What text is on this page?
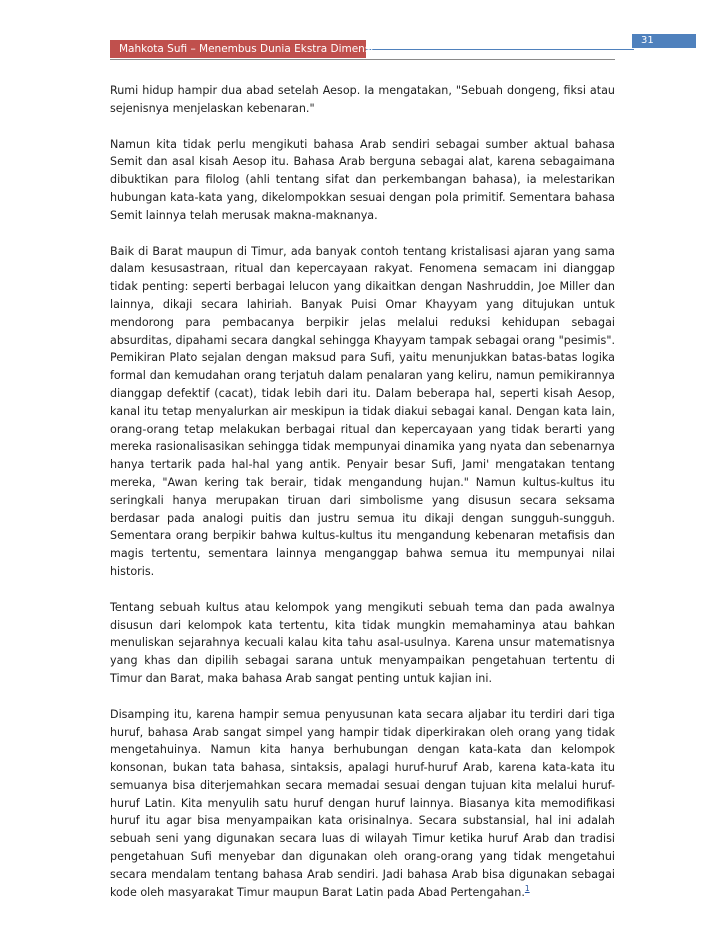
31
Mahkota Sufi – Menembus Dunia Ekstra Dimensi

Rumi hidup hampir dua abad setelah Aesop. Ia mengatakan, "Sebuah dongeng, fiksi atau sejenisnya menjelaskan kebenaran."

Namun kita tidak perlu mengikuti bahasa Arab sendiri sebagai sumber aktual bahasa Semit dan asal kisah Aesop itu. Bahasa Arab berguna sebagai alat, karena sebagaimana dibuktikan para filolog (ahli tentang sifat dan perkembangan bahasa), ia melestarikan hubungan kata-kata yang, dikelompokkan sesuai dengan pola primitif. Sementara bahasa Semit lainnya telah merusak makna-maknanya.

Baik di Barat maupun di Timur, ada banyak contoh tentang kristalisasi ajaran yang sama dalam kesusastraan, ritual dan kepercayaan rakyat. Fenomena semacam ini dianggap tidak penting: seperti berbagai lelucon yang dikaitkan dengan Nashruddin, Joe Miller dan lainnya, dikaji secara lahiriah. Banyak Puisi Omar Khayyam yang ditujukan untuk mendorong para pembacanya berpikir jelas melalui reduksi kehidupan sebagai absurditas, dipahami secara dangkal sehingga Khayyam tampak sebagai orang "pesimis". Pemikiran Plato sejalan dengan maksud para Sufi, yaitu menunjukkan batas-batas logika formal dan kemudahan orang terjatuh dalam penalaran yang keliru, namun pemikirannya dianggap defektif (cacat), tidak lebih dari itu. Dalam beberapa hal, seperti kisah Aesop, kanal itu tetap menyalurkan air meskipun ia tidak diakui sebagai kanal. Dengan kata lain, orang-orang tetap melakukan berbagai ritual dan kepercayaan yang tidak berarti yang mereka rasionalisasikan sehingga tidak mempunyai dinamika yang nyata dan sebenarnya hanya tertarik pada hal-hal yang antik. Penyair besar Sufi, Jami' mengatakan tentang mereka, "Awan kering tak berair, tidak mengandung hujan." Namun kultus-kultus itu seringkali hanya merupakan tiruan dari simbolisme yang disusun secara seksama berdasar pada analogi puitis dan justru semua itu dikaji dengan sungguh-sungguh. Sementara orang berpikir bahwa kultus-kultus itu mengandung kebenaran metafisis dan magis tertentu, sementara lainnya menganggap bahwa semua itu mempunyai nilai historis.

Tentang sebuah kultus atau kelompok yang mengikuti sebuah tema dan pada awalnya disusun dari kelompok kata tertentu, kita tidak mungkin memahaminya atau bahkan menuliskan sejarahnya kecuali kalau kita tahu asal-usulnya. Karena unsur matematisnya yang khas dan dipilih sebagai sarana untuk menyampaikan pengetahuan tertentu di Timur dan Barat, maka bahasa Arab sangat penting untuk kajian ini.

Disamping itu, karena hampir semua penyusunan kata secara aljabar itu terdiri dari tiga huruf, bahasa Arab sangat simpel yang hampir tidak diperkirakan oleh orang yang tidak mengetahuinya. Namun kita hanya berhubungan dengan kata-kata dan kelompok konsonan, bukan tata bahasa, sintaksis, apalagi huruf-huruf Arab, karena kata-kata itu semuanya bisa diterjemahkan secara memadai sesuai dengan tujuan kita melalui huruf-huruf Latin. Kita menyulih satu huruf dengan huruf lainnya. Biasanya kita memodifikasi huruf itu agar bisa menyampaikan kata orisinalnya. Secara substansial, hal ini adalah sebuah seni yang digunakan secara luas di wilayah Timur ketika huruf Arab dan tradisi pengetahuan Sufi menyebar dan digunakan oleh orang-orang yang tidak mengetahui secara mendalam tentang bahasa Arab sendiri. Jadi bahasa Arab bisa digunakan sebagai kode oleh masyarakat Timur maupun Barat Latin pada Abad Pertengahan.$^1$
